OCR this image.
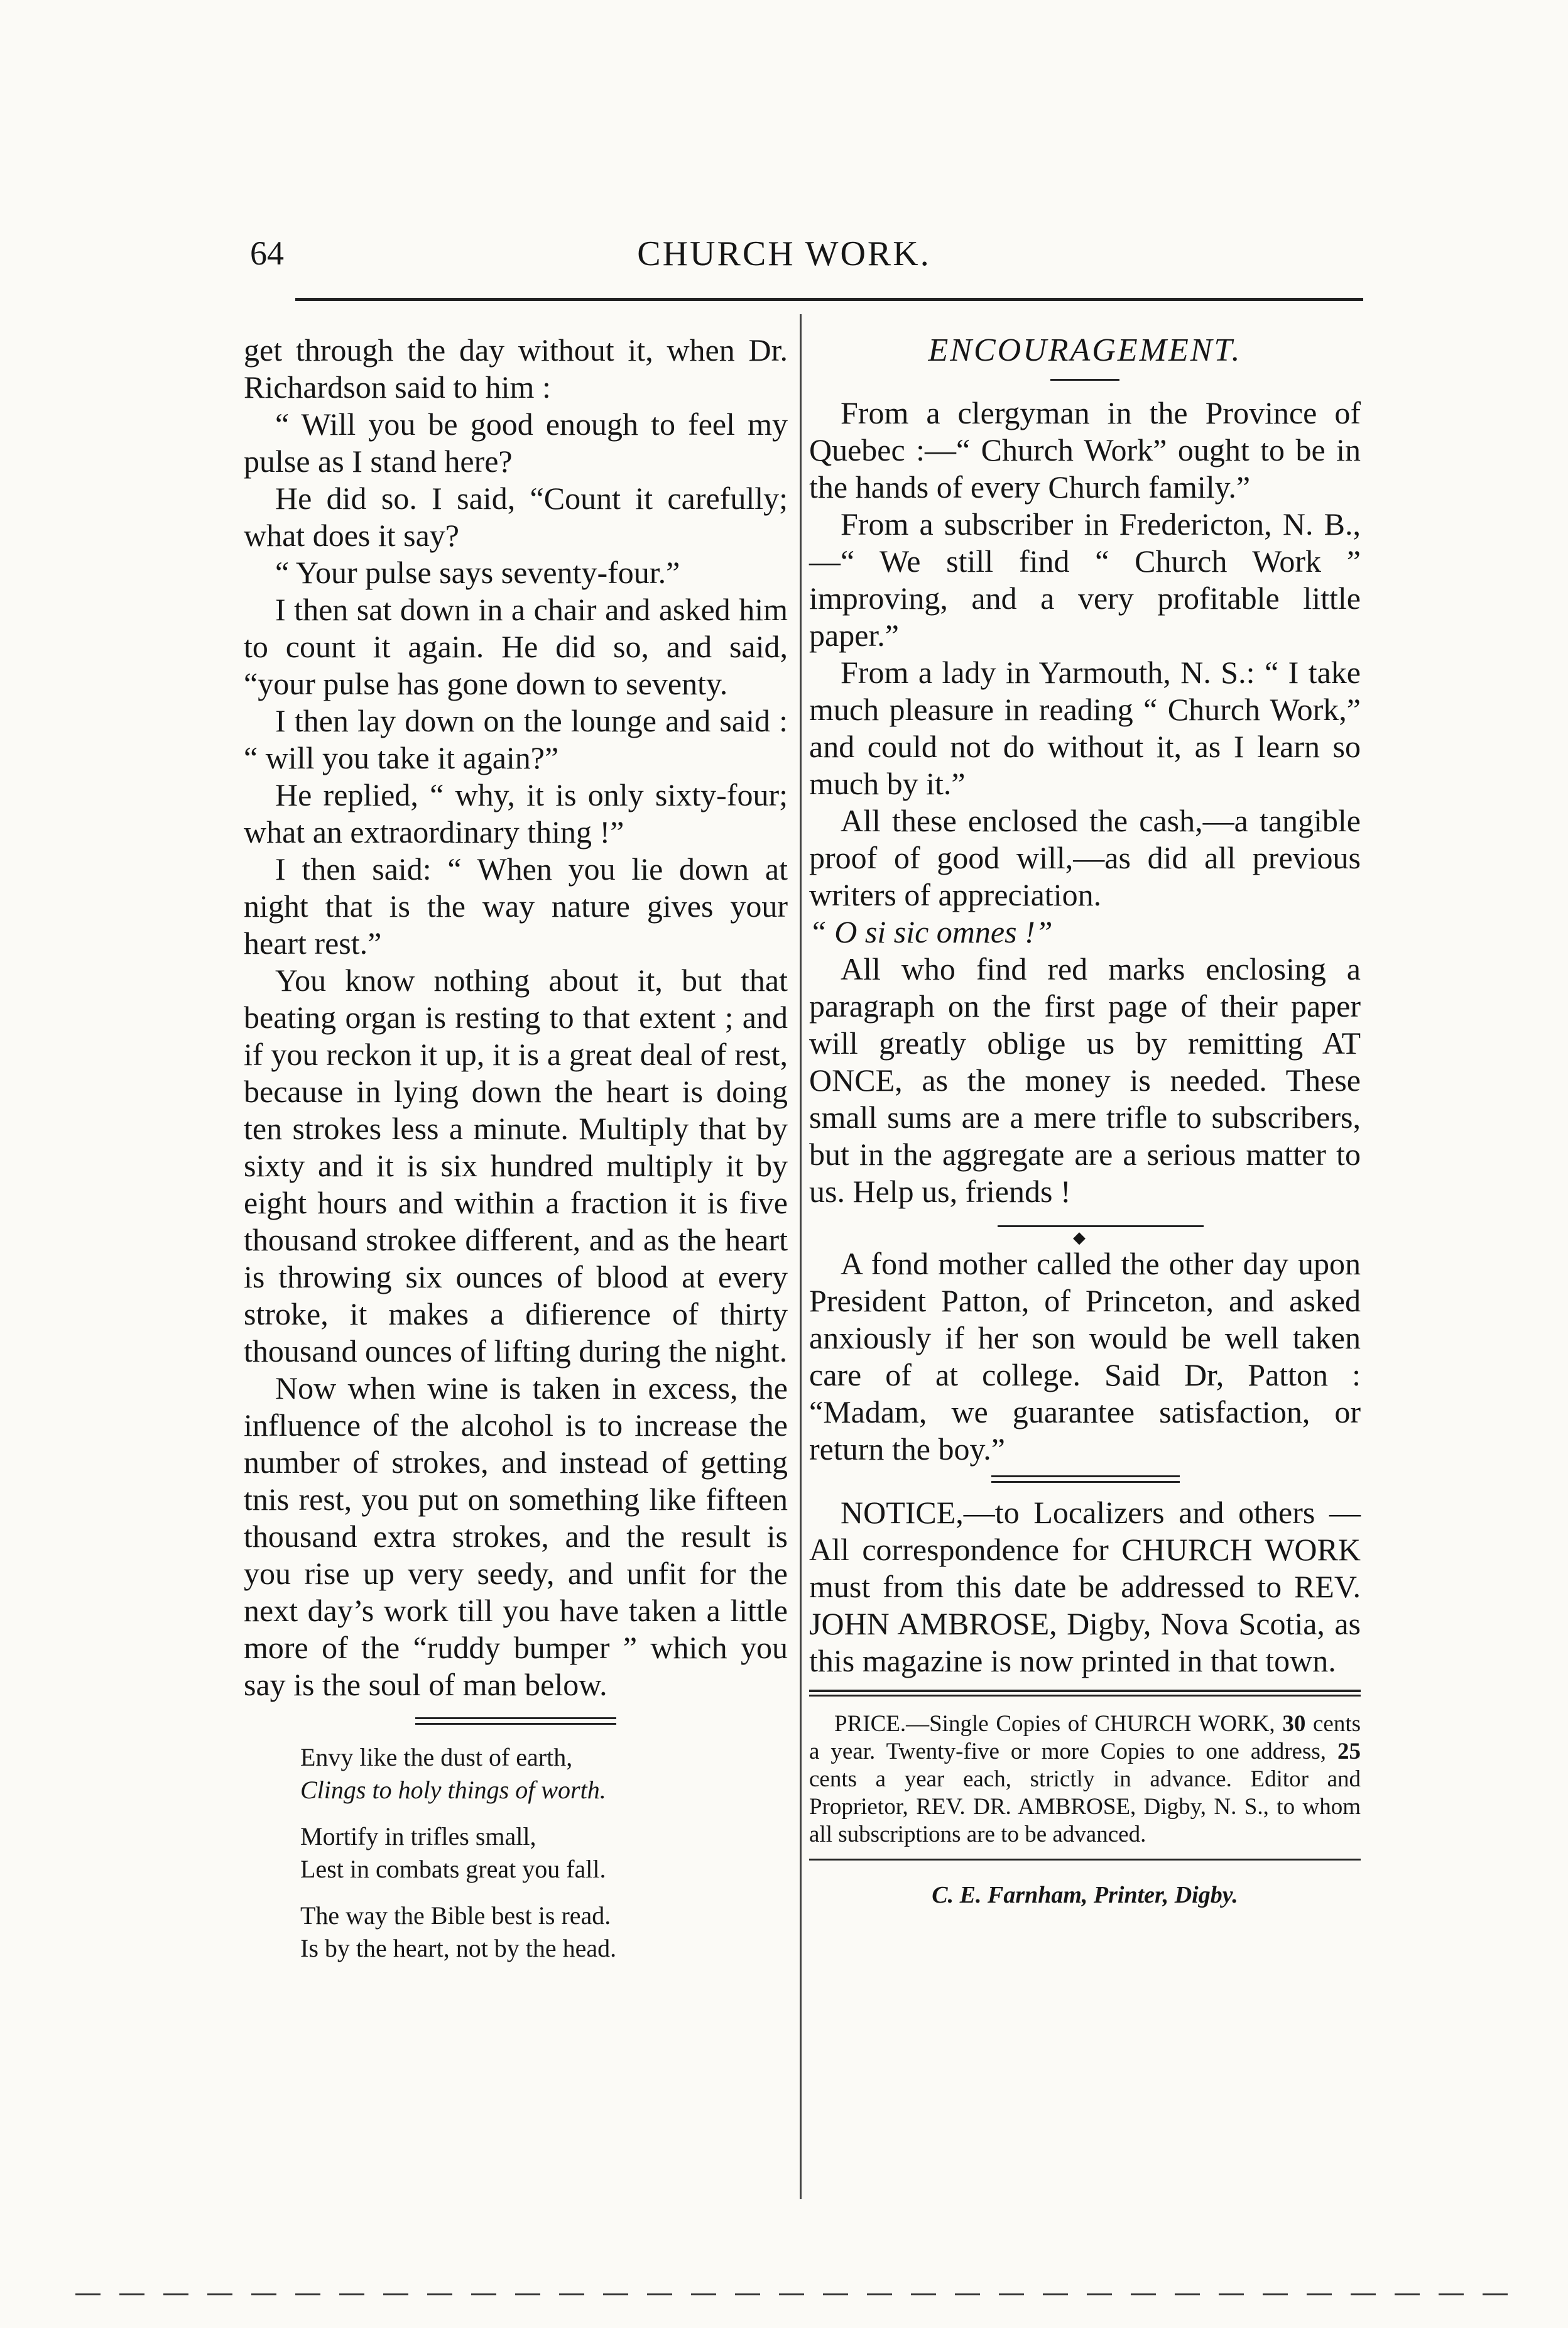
64	CHURCH WORK.

get through the day without it, when Dr. Richardson said to him :

“ Will you be good enough to feel my pulse as I stand here?

He did so. I said, “Count it carefully; what does it say?

“ Your pulse says seventy-four.”

I then sat down in a chair and asked him to count it again. He did so, and said, “your pulse has gone down to seventy.

I then lay down on the lounge and said : “ will you take it again?”

He replied, “ why, it is only sixty-four; what an extraordinary thing !”

I then said: “ When you lie down at night that is the way nature gives your heart rest.”

You know nothing about it, but that beating organ is resting to that extent ; and if you reckon it up, it is a great deal of rest, because in lying down the heart is doing ten strokes less a minute. Multiply that by sixty and it is six hundred multiply it by eight hours and within a fraction it is five thousand strokee different, and as the heart is throwing six ounces of blood at every stroke, it makes a difierence of thirty thousand ounces of lifting during the night.

Now when wine is taken in excess, the influence of the alcohol is to increase the number of strokes, and instead of getting tnis rest, you put on something like fifteen thousand extra strokes, and the result is you rise up very seedy, and unfit for the next day’s work till you have taken a little more of the “ruddy bumper ” which you say is the soul of man below.

Envy like the dust of earth,
Clings to holy things of worth.
Mortify in trifles small,
Lest in combats great you fall.
The way the Bible best is read.
Is by the heart, not by the head.

ENCOURAGEMENT.

From a clergyman in the Province of Quebec :—“ Church Work” ought to be in the hands of every Church family.”

From a subscriber in Fredericton, N. B.,—“ We still find “ Church Work ” improving, and a very profitable little paper.”

From a lady in Yarmouth, N. S.: “ I take much pleasure in reading “ Church Work,” and could not do without it, as I learn so much by it.”

All these enclosed the cash,—a tangible proof of good will,—as did all previous writers of appreciation.

“ O si sic omnes !”

All who find red marks enclosing a paragraph on the first page of their paper will greatly oblige us by remitting AT ONCE, as the money is needed. These small sums are a mere trifle to subscribers, but in the aggregate are a serious matter to us. Help us, friends !

◆

A fond mother called the other day upon President Patton, of Princeton, and asked anxiously if her son would be well taken care of at college. Said Dr, Patton : “Madam, we guarantee satisfaction, or return the boy.”

NOTICE,—to Localizers and others —All correspondence for CHURCH WORK must from this date be addressed to REV. JOHN AMBROSE, Digby, Nova Scotia, as this magazine is now printed in that town.

PRICE.—Single Copies of CHURCH WORK, 30 cents a year. Twenty-five or more Copies to one address, 25 cents a year each, strictly in advance. Editor and Proprietor, REV. DR. AMBROSE, Digby, N. S., to whom all subscriptions are to be advanced.

C. E. Farnham, Printer, Digby.
